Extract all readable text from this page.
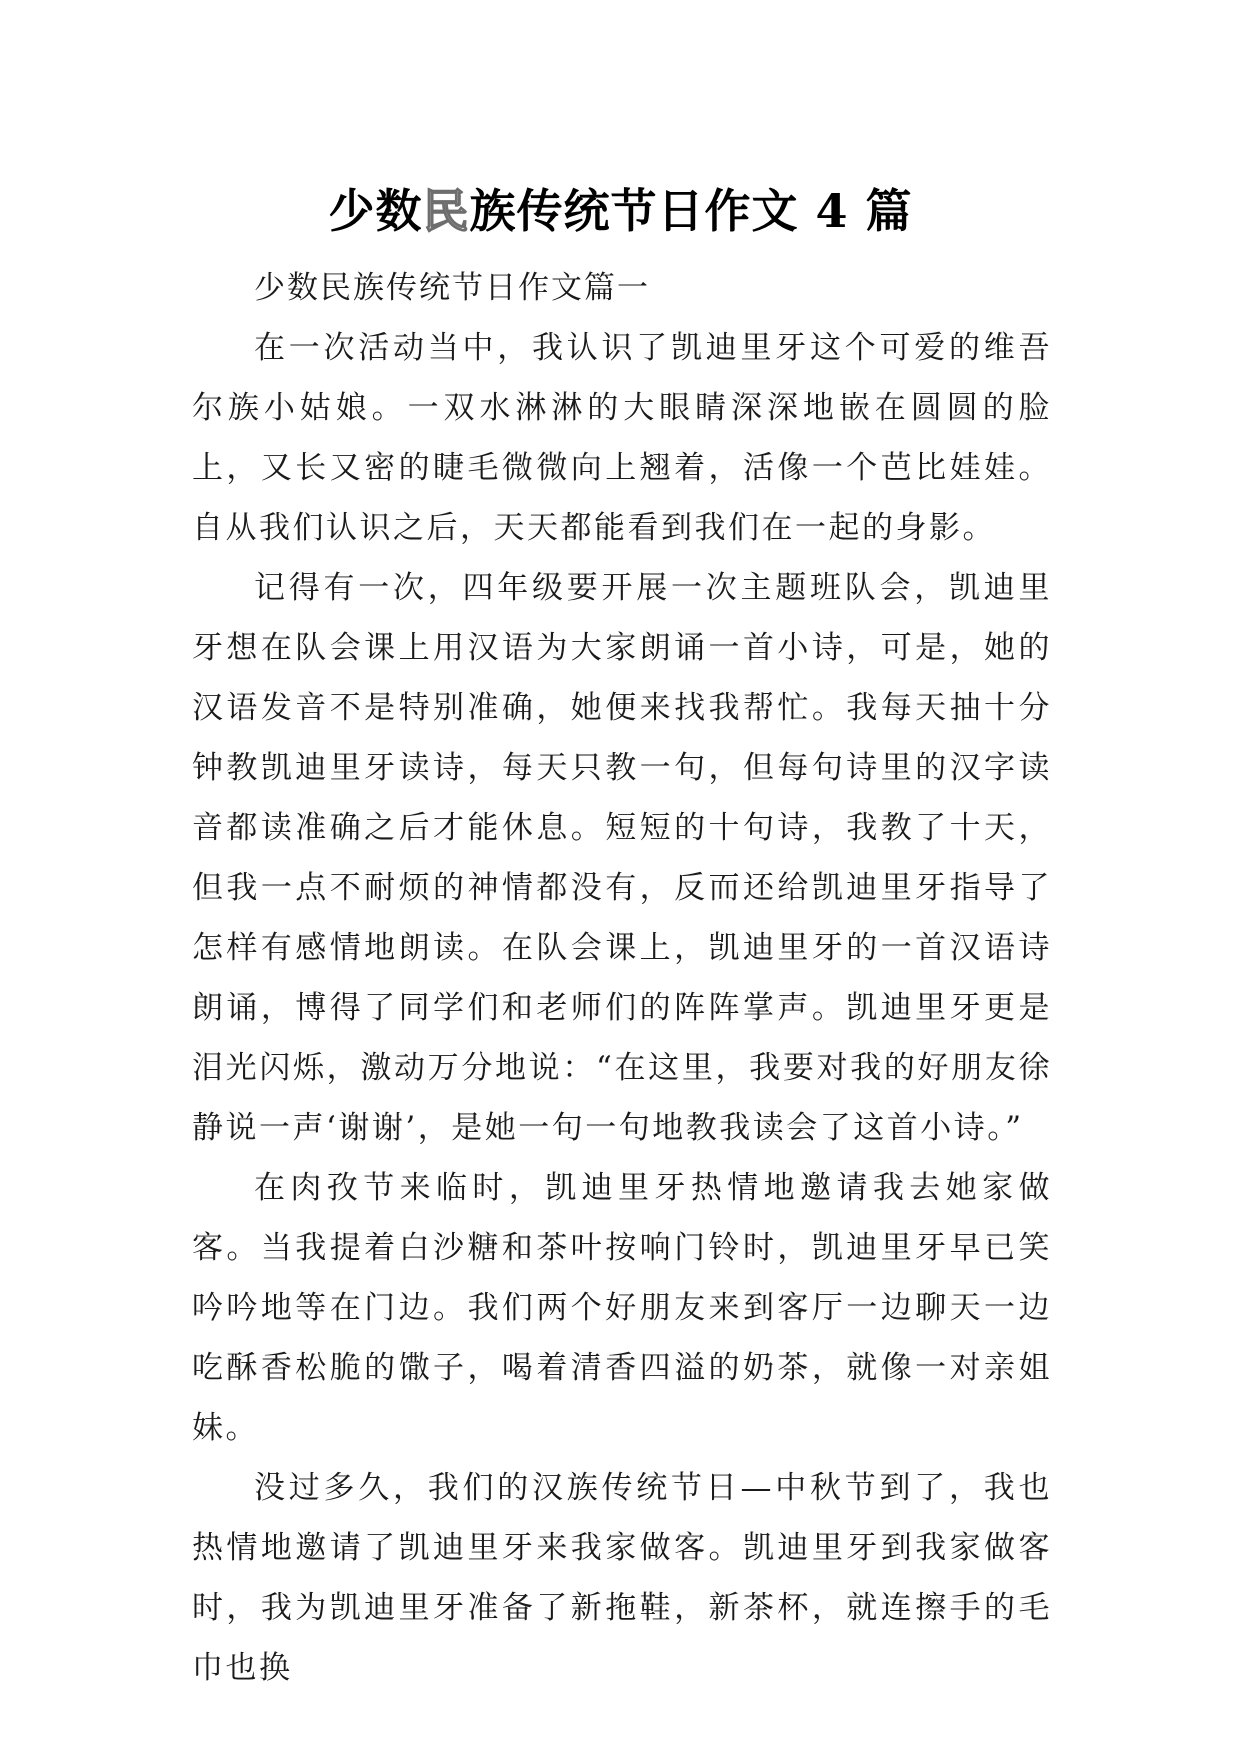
少数民族传统节日作文 4 篇

少数民族传统节日作文篇一

在一次活动当中，我认识了凯迪里牙这个可爱的维吾尔族小姑娘。一双水淋淋的大眼睛深深地嵌在圆圆的脸上，又长又密的睫毛微微向上翘着，活像一个芭比娃娃。自从我们认识之后，天天都能看到我们在一起的身影。

记得有一次，四年级要开展一次主题班队会，凯迪里牙想在队会课上用汉语为大家朗诵一首小诗，可是，她的汉语发音不是特别准确，她便来找我帮忙。我每天抽十分钟教凯迪里牙读诗，每天只教一句，但每句诗里的汉字读音都读准确之后才能休息。短短的十句诗，我教了十天，但我一点不耐烦的神情都没有，反而还给凯迪里牙指导了怎样有感情地朗读。在队会课上，凯迪里牙的一首汉语诗朗诵，博得了同学们和老师们的阵阵掌声。凯迪里牙更是泪光闪烁，激动万分地说：“在这里，我要对我的好朋友徐静说一声‘谢谢’，是她一句一句地教我读会了这首小诗。”

在肉孜节来临时，凯迪里牙热情地邀请我去她家做客。当我提着白沙糖和茶叶按响门铃时，凯迪里牙早已笑吟吟地等在门边。我们两个好朋友来到客厅一边聊天一边吃酥香松脆的馓子，喝着清香四溢的奶茶，就像一对亲姐妹。

没过多久，我们的汉族传统节日—中秋节到了，我也热情地邀请了凯迪里牙来我家做客。凯迪里牙到我家做客时，我为凯迪里牙准备了新拖鞋，新茶杯，就连擦手的毛巾也换
